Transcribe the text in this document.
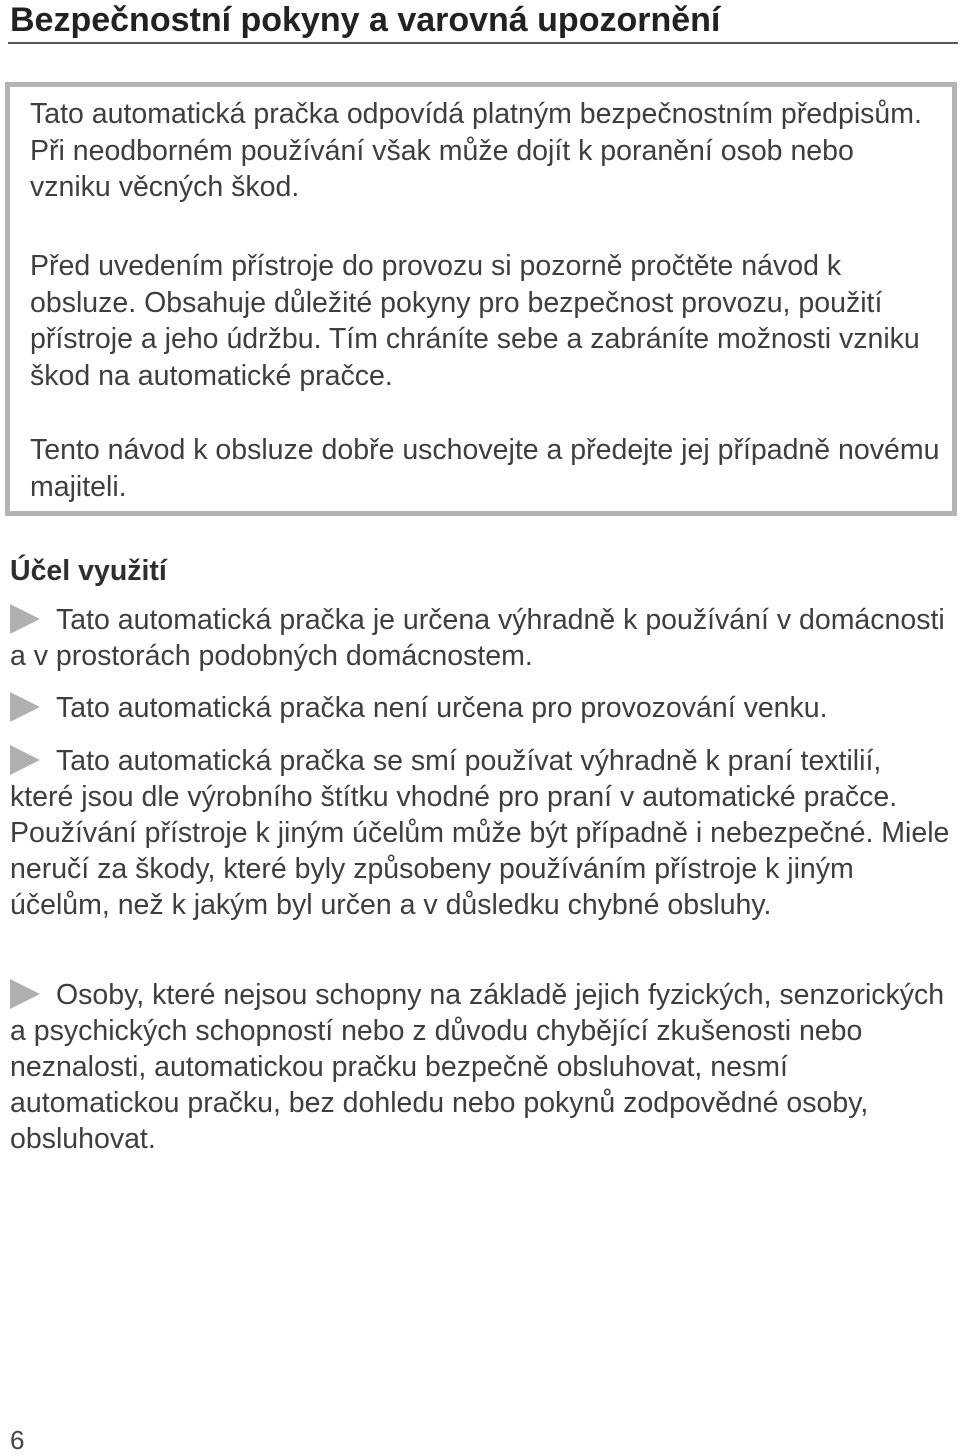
Bezpečnostní pokyny a varovná upozornění

Tato automatická pračka odpovídá platným bezpečnostním předpisům. Při neodborném používání však může dojít k poranění osob nebo vzniku věcných škod.

Před uvedením přístroje do provozu si pozorně pročtěte návod k obsluze. Obsahuje důležité pokyny pro bezpečnost provozu, použití přístroje a jeho údržbu. Tím chráníte sebe a zabráníte možnosti vzniku škod na automatické pračce.

Tento návod k obsluze dobře uschovejte a předejte jej případně novému majiteli.

Účel využití

Tato automatická pračka je určena výhradně k používání v domácnosti a v prostorách podobných domácnostem.

Tato automatická pračka není určena pro provozování venku.

Tato automatická pračka se smí používat výhradně k praní textilií, které jsou dle výrobního štítku vhodné pro praní v automatické pračce. Používání přístroje k jiným účelům může být případně i nebezpečné. Miele neručí za škody, které byly způsobeny používáním přístroje k jiným účelům, než k jakým byl určen a v důsledku chybné obsluhy.

Osoby, které nejsou schopny na základě jejich fyzických, senzorických a psychických schopností nebo z důvodu chybějící zkušenosti nebo neznalosti, automatickou pračku bezpečně obsluhovat, nesmí automatickou pračku, bez dohledu nebo pokynů zodpovědné osoby, obsluhovat.

6
